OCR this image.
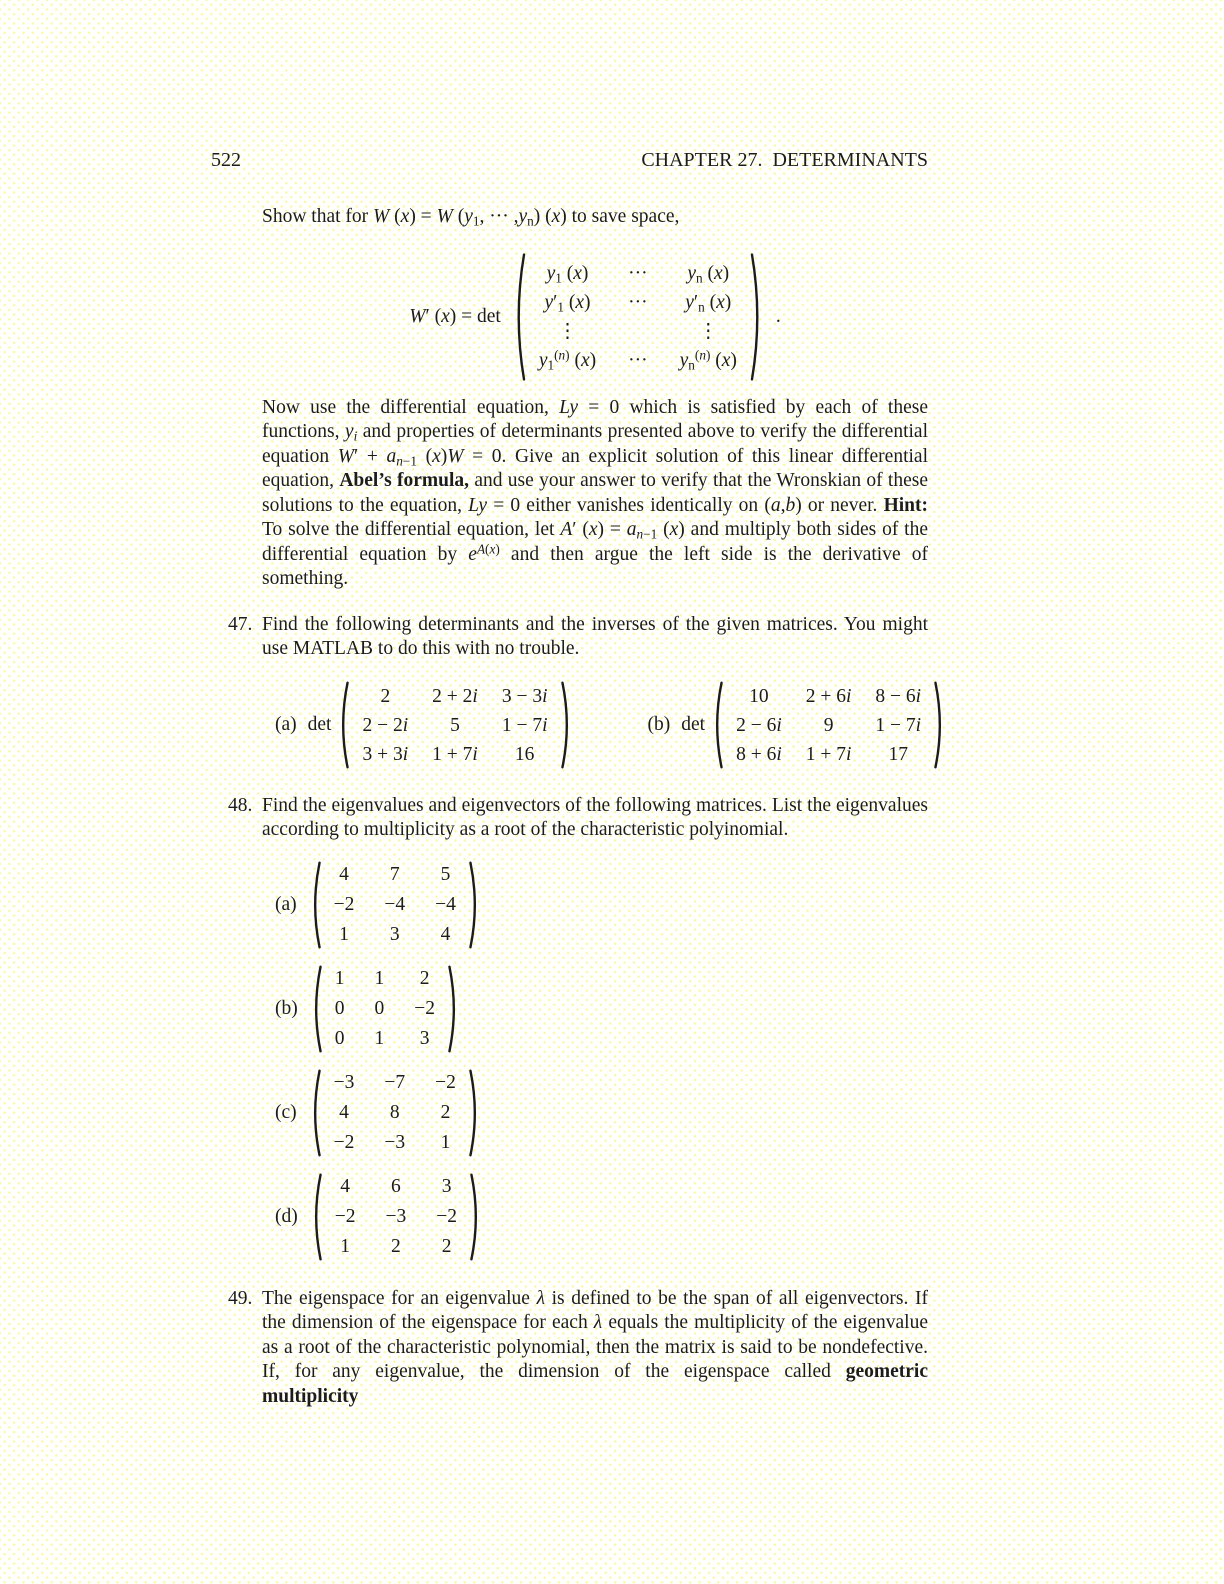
522	CHAPTER 27.  DETERMINANTS

Show that for W (x) = W ($y_1$, ··· $,y_n$) (x) to save space,

W′ (x) = det
$y_1$ (x) ··· $y_n$ (x)
$y'_1$ (x) ··· $y'_n$ (x)
⋮	⋮
$y_1^{(n)}$ (x) ··· $y_n^{(n)}$ (x)
.

Now use the differential equation, Ly = 0 which is satisfied by each of these functions, $y_i$ and properties of determinants presented above to verify the differential equation $W' + a_{n-1}$ (x)W = 0. Give an explicit solution of this linear differential equation, Abel’s formula, and use your answer to verify that the Wronskian of these solutions to the equation, Ly = 0 either vanishes identically on (a,b) or never. Hint: To solve the differential equation, let A′ $(x) = a_{n-1}$ (x) and multiply both sides of the differential equation by $e^{A(x)}$ and then argue the left side is the derivative of something.

47. Find the following determinants and the inverses of the given matrices. You might use MATLAB to do this with no trouble.

(a) det
2 2 + 2i 3 − 3i
2 − 2i 5 1 − 7i
3 + 3i 1 + 7i 16
(b) det
10 2 + 6i 8 − 6i
2 − 6i 9 1 − 7i
8 + 6i 1 + 7i 17
48. Find the eigenvalues and eigenvectors of the following matrices. List the eigenvalues according to multiplicity as a root of the characteristic polyinomial.

(a)
4 7 5
−2 −4 −4
1 3 4
(b)
1 1 2
0 0 −2
0 1 3
(c)
−3 −7 −2
4 8 2
−2 −3 1
(d)
4 6 3
−2 −3 −2
1 2 2
49. The eigenspace for an eigenvalue λ is defined to be the span of all eigenvectors. If the dimension of the eigenspace for each λ equals the multiplicity of the eigenvalue as a root of the characteristic polynomial, then the matrix is said to be nondefective. If, for any eigenvalue, the dimension of the eigenspace called geometric multiplicity
